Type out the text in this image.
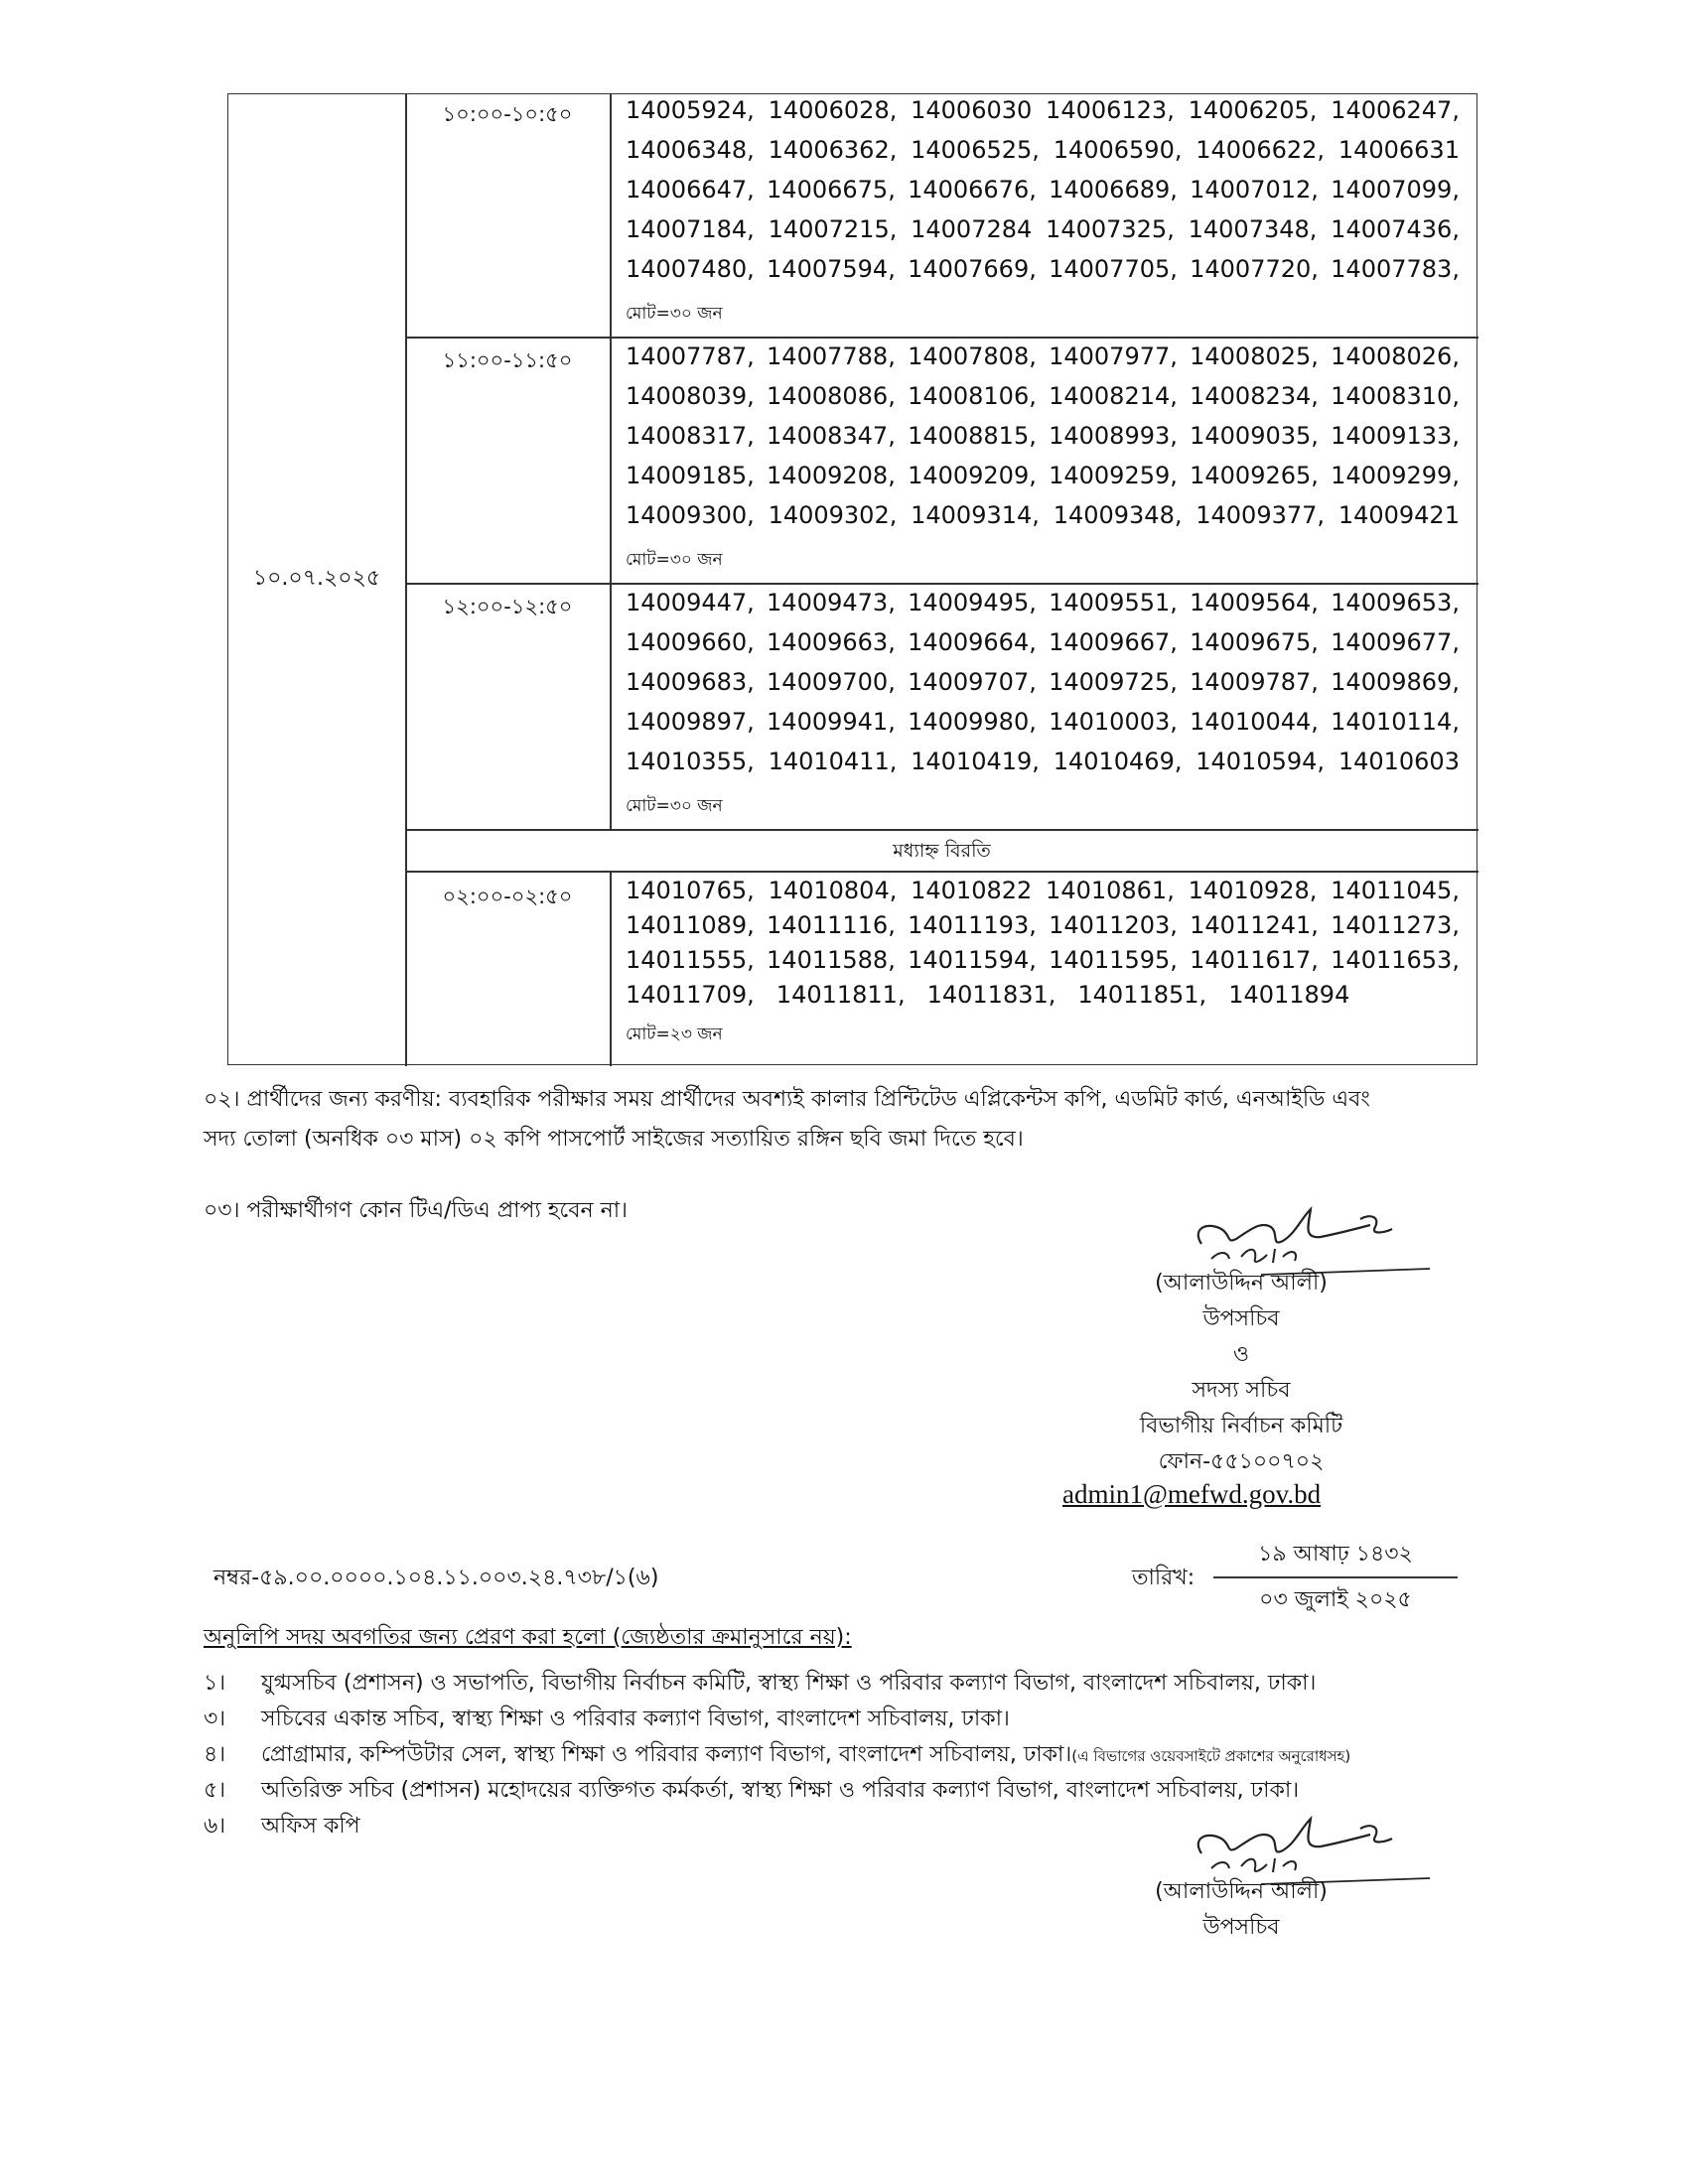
১০.০৭.২০২৫
১০:০০-১০:৫০	14005924, 14006028, 14006030 14006123, 14006205, 14006247,
14006348, 14006362, 14006525, 14006590, 14006622, 14006631
14006647, 14006675, 14006676, 14006689, 14007012, 14007099,
14007184, 14007215, 14007284 14007325, 14007348, 14007436,
14007480, 14007594, 14007669, 14007705, 14007720, 14007783,
মোট=৩০ জন
১১:০০-১১:৫০	14007787, 14007788, 14007808, 14007977, 14008025, 14008026,
14008039, 14008086, 14008106, 14008214, 14008234, 14008310,
14008317, 14008347, 14008815, 14008993, 14009035, 14009133,
14009185, 14009208, 14009209, 14009259, 14009265, 14009299,
14009300, 14009302, 14009314, 14009348, 14009377, 14009421
মোট=৩০ জন
১২:০০-১২:৫০	14009447, 14009473, 14009495, 14009551, 14009564, 14009653,
14009660, 14009663, 14009664, 14009667, 14009675, 14009677,
14009683, 14009700, 14009707, 14009725, 14009787, 14009869,
14009897, 14009941, 14009980, 14010003, 14010044, 14010114,
14010355, 14010411, 14010419, 14010469, 14010594, 14010603
মোট=৩০ জন
মধ্যাহ্ন বিরতি
০২:০০-০২:৫০	14010765, 14010804, 14010822 14010861, 14010928, 14011045,
14011089, 14011116, 14011193, 14011203, 14011241, 14011273,
14011555, 14011588, 14011594, 14011595, 14011617, 14011653,
14011709, 14011811, 14011831, 14011851, 14011894
মোট=২৩ জন
০২। প্রার্থীদের জন্য করণীয়: ব্যবহারিক পরীক্ষার সময় প্রার্থীদের অবশ্যই কালার প্রিন্টিটেড এপ্লিকেন্টস কপি, এডমিট কার্ড, এনআইডি এবং
সদ্য তোলা (অনধিক ০৩ মাস) ০২ কপি পাসপোর্ট সাইজের সত্যায়িত রঙ্গিন ছবি জমা দিতে হবে।
০৩। পরীক্ষার্থীগণ কোন টিএ/ডিএ প্রাপ্য হবেন না।
(আলাউদ্দিন আলী)
উপসচিব
ও
সদস্য সচিব
বিভাগীয় নির্বাচন কমিটি
ফোন-৫৫১০০৭০২
admin1@mefwd.gov.bd
নম্বর-৫৯.০০.০০০০.১০৪.১১.০০৩.২৪.৭৩৮/১(৬)	তারিখ:
১৯ আষাঢ় ১৪৩২
০৩ জুলাই ২০২৫
অনুলিপি সদয় অবগতির জন্য প্রেরণ করা হলো (জ্যেষ্ঠতার ক্রমানুসারে নয়):
১। যুগ্মসচিব (প্রশাসন) ও সভাপতি, বিভাগীয় নির্বাচন কমিটি, স্বাস্থ্য শিক্ষা ও পরিবার কল্যাণ বিভাগ, বাংলাদেশ সচিবালয়, ঢাকা।
৩। সচিবের একান্ত সচিব, স্বাস্থ্য শিক্ষা ও পরিবার কল্যাণ বিভাগ, বাংলাদেশ সচিবালয়, ঢাকা।
৪। প্রোগ্রামার, কম্পিউটার সেল, স্বাস্থ্য শিক্ষা ও পরিবার কল্যাণ বিভাগ, বাংলাদেশ সচিবালয়, ঢাকা।(এ বিভাগের ওয়েবসাইটে প্রকাশের অনুরোধসহ)
৫। অতিরিক্ত সচিব (প্রশাসন) মহোদয়ের ব্যক্তিগত কর্মকর্তা, স্বাস্থ্য শিক্ষা ও পরিবার কল্যাণ বিভাগ, বাংলাদেশ সচিবালয়, ঢাকা।
৬। অফিস কপি
(আলাউদ্দিন আলী)
উপসচিব
